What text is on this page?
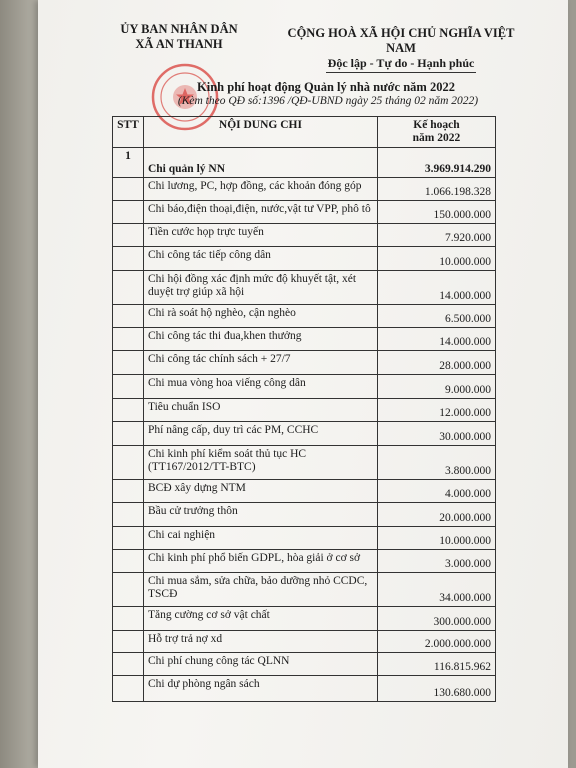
ỦY BAN NHÂN DÂN
XÃ AN THANH
CỘNG HOÀ XÃ HỘI CHỦ NGHĨA VIỆT NAM
Độc lập - Tự do - Hạnh phúc
Kinh phí hoạt động Quản lý nhà nước năm 2022
(Kèm theo QĐ số:1396 /QĐ-UBND ngày 25 tháng 02 năm 2022)
STT	NỘI DUNG CHI	Kế hoạch
năm 2022

1	Chi quản lý NN	3.969.914.290
	Chi lương, PC, hợp đồng, các khoản đóng góp	1.066.198.328
	Chi báo,điện thoại,điện, nước,vật tư VPP, phô tô	150.000.000
	Tiền cước họp trực tuyến	7.920.000
	Chi công tác tiếp công dân	10.000.000
	Chi hội đồng xác định mức độ khuyết tật, xét duyệt trợ giúp xã hội	14.000.000
	Chi rà soát hộ nghèo, cận nghèo	6.500.000
	Chi công tác thi đua,khen thưởng	14.000.000
	Chi công tác chính sách + 27/7	28.000.000
	Chi mua vòng hoa viếng công dân	9.000.000
	Tiêu chuẩn ISO	12.000.000
	Phí nâng cấp, duy trì các PM, CCHC	30.000.000
	Chi kinh phí kiểm soát thủ tục HC (TT167/2012/TT-BTC)	3.800.000
	BCĐ xây dựng NTM	4.000.000
	Bầu cử trưởng thôn	20.000.000
	Chi cai nghiện	10.000.000
	Chi kinh phí phổ biến GDPL, hòa giải ở cơ sở	3.000.000
	Chi mua sắm, sửa chữa, bảo dưỡng nhỏ CCDC, TSCĐ	34.000.000
	Tăng cường cơ sở vật chất	300.000.000
	Hỗ trợ trả nợ xd	2.000.000.000
	Chi phí chung công tác QLNN	116.815.962
	Chi dự phòng ngân sách	130.680.000
